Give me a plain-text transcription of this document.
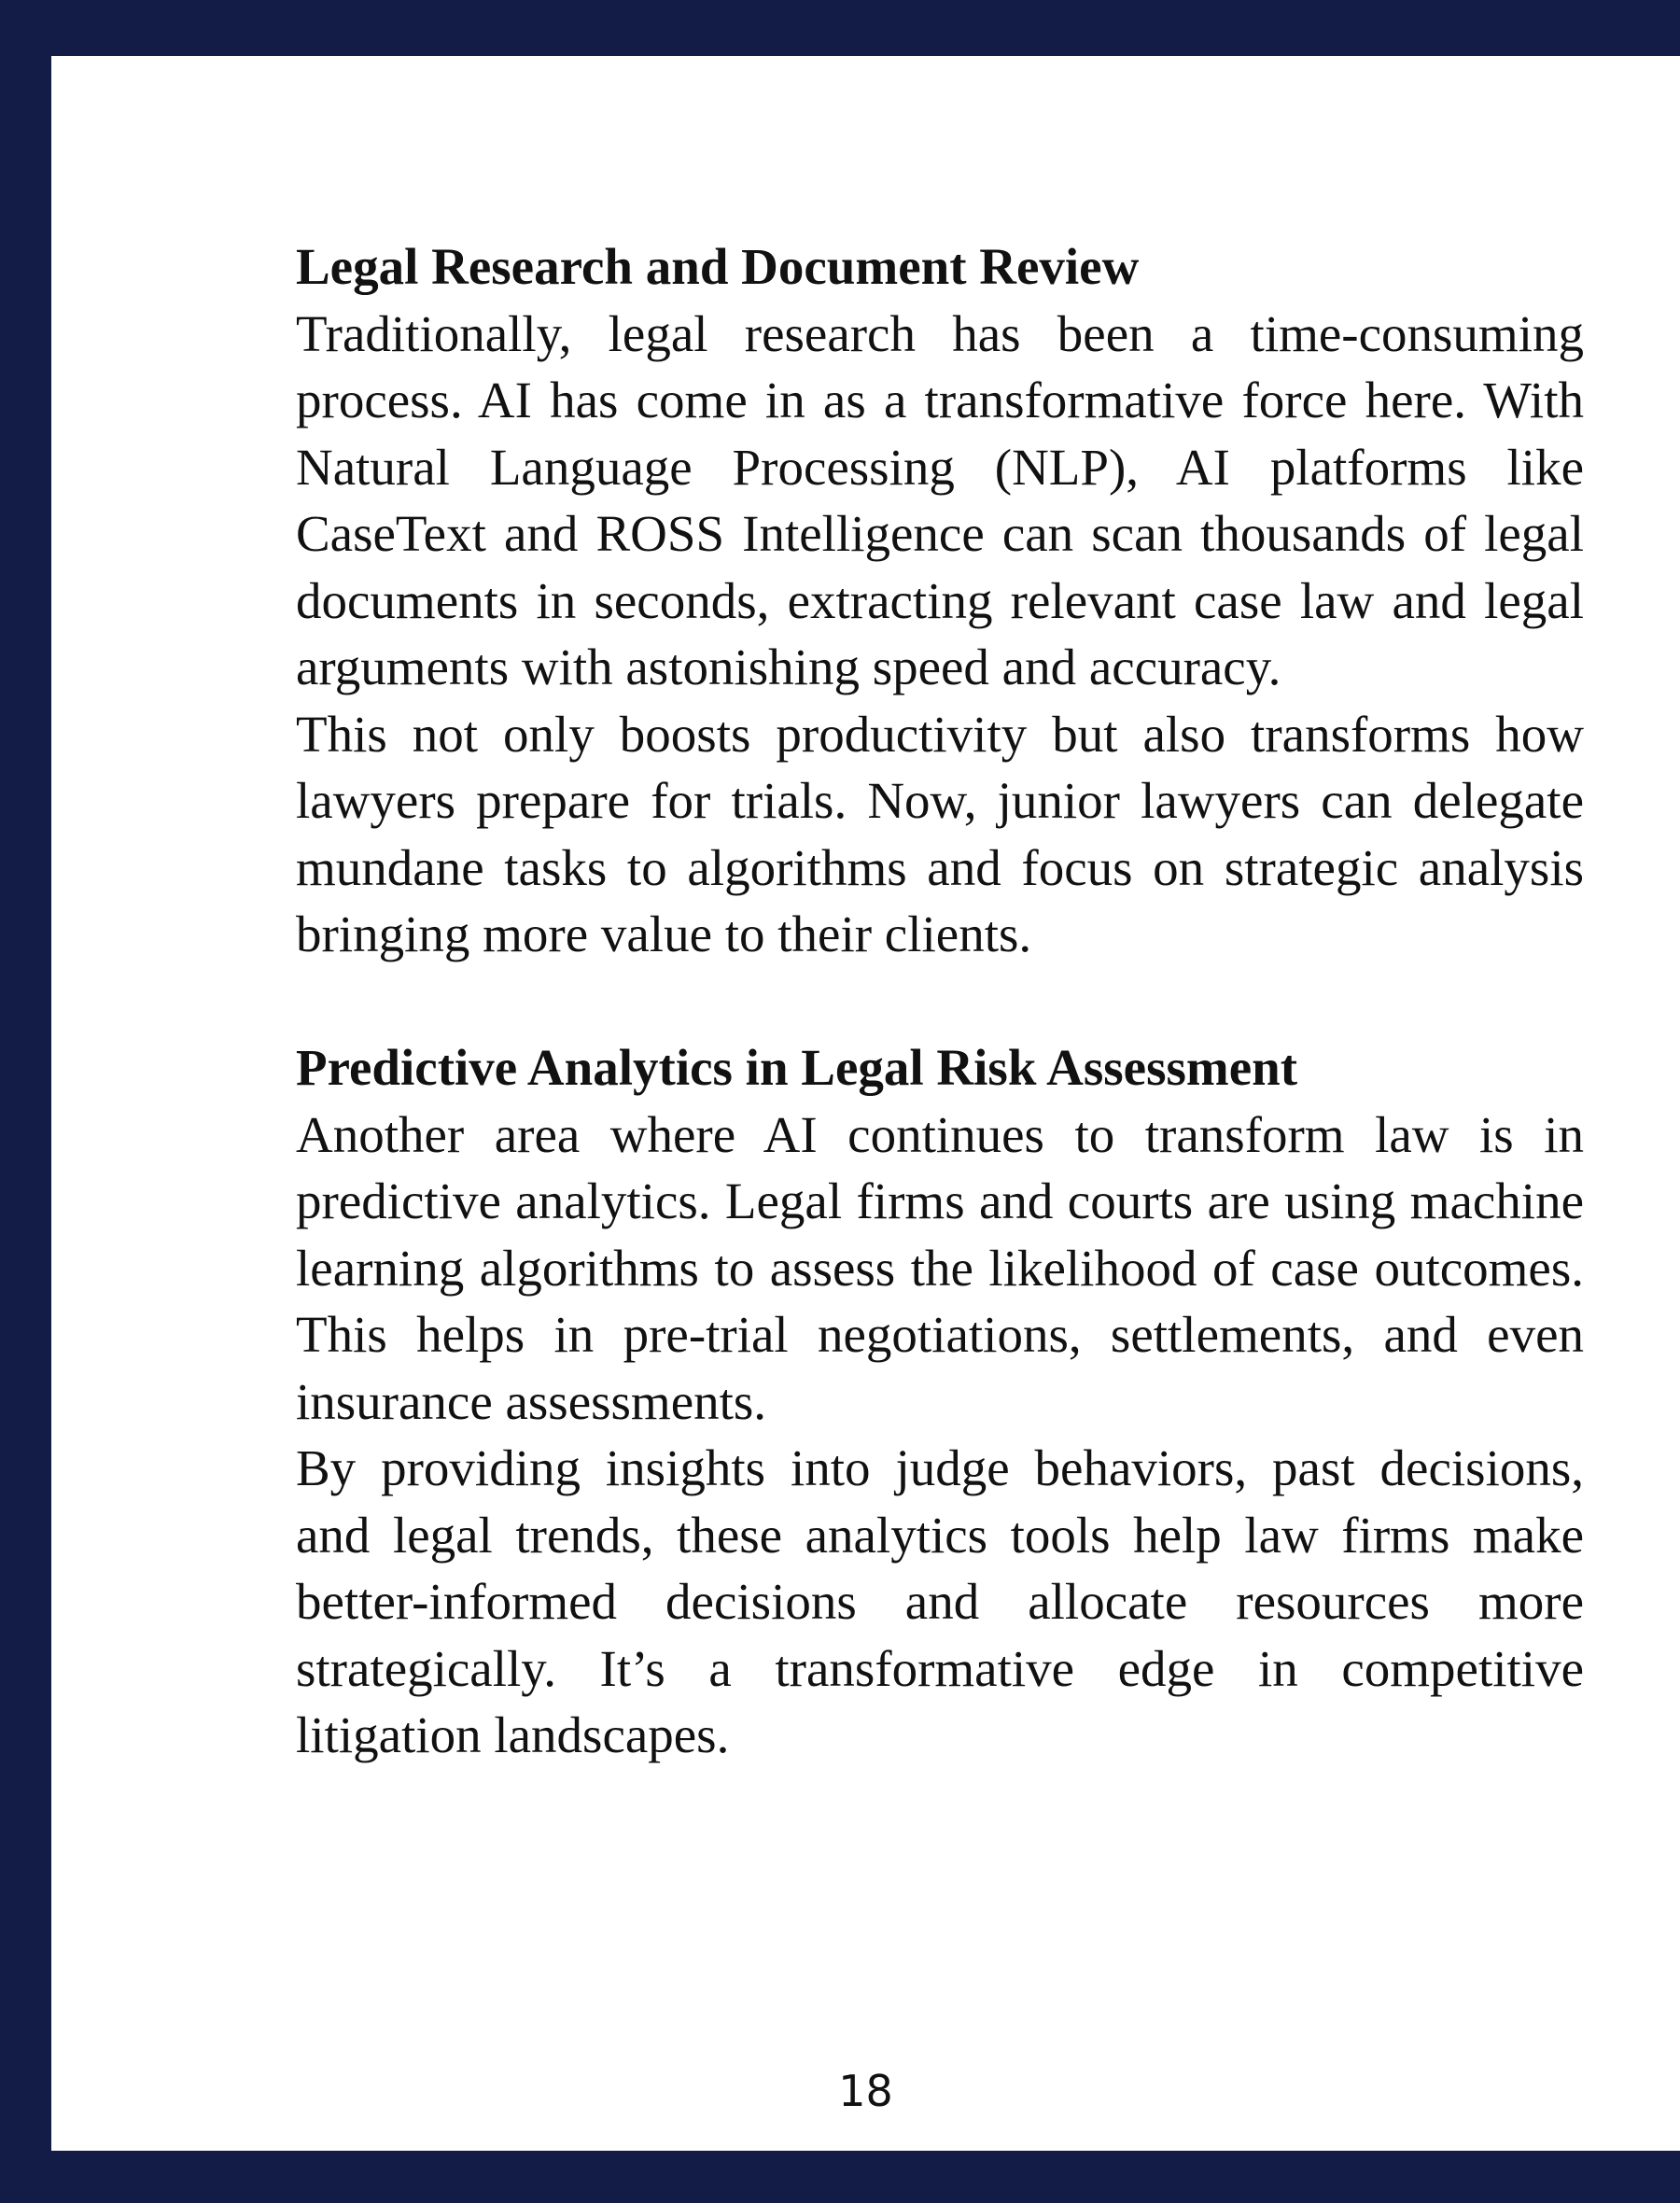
Legal Research and Document Review

Traditionally, legal research has been a time-consuming process. AI has come in as a transformative force here. With Natural Language Processing (NLP), AI platforms like CaseText and ROSS Intelligence can scan thousands of legal documents in seconds, extracting relevant case law and legal arguments with astonishing speed and accuracy.

This not only boosts productivity but also transforms how lawyers prepare for trials. Now, junior lawyers can delegate mundane tasks to algorithms and focus on strategic analysis bringing more value to their clients.

Predictive Analytics in Legal Risk Assessment

Another area where AI continues to transform law is in predictive analytics. Legal firms and courts are using machine learning algorithms to assess the likelihood of case outcomes. This helps in pre-trial negotiations, settlements, and even insurance assessments.

By providing insights into judge behaviors, past decisions, and legal trends, these analytics tools help law firms make better-informed decisions and allocate resources more strategically. It’s a transformative edge in competitive litigation landscapes.

18
